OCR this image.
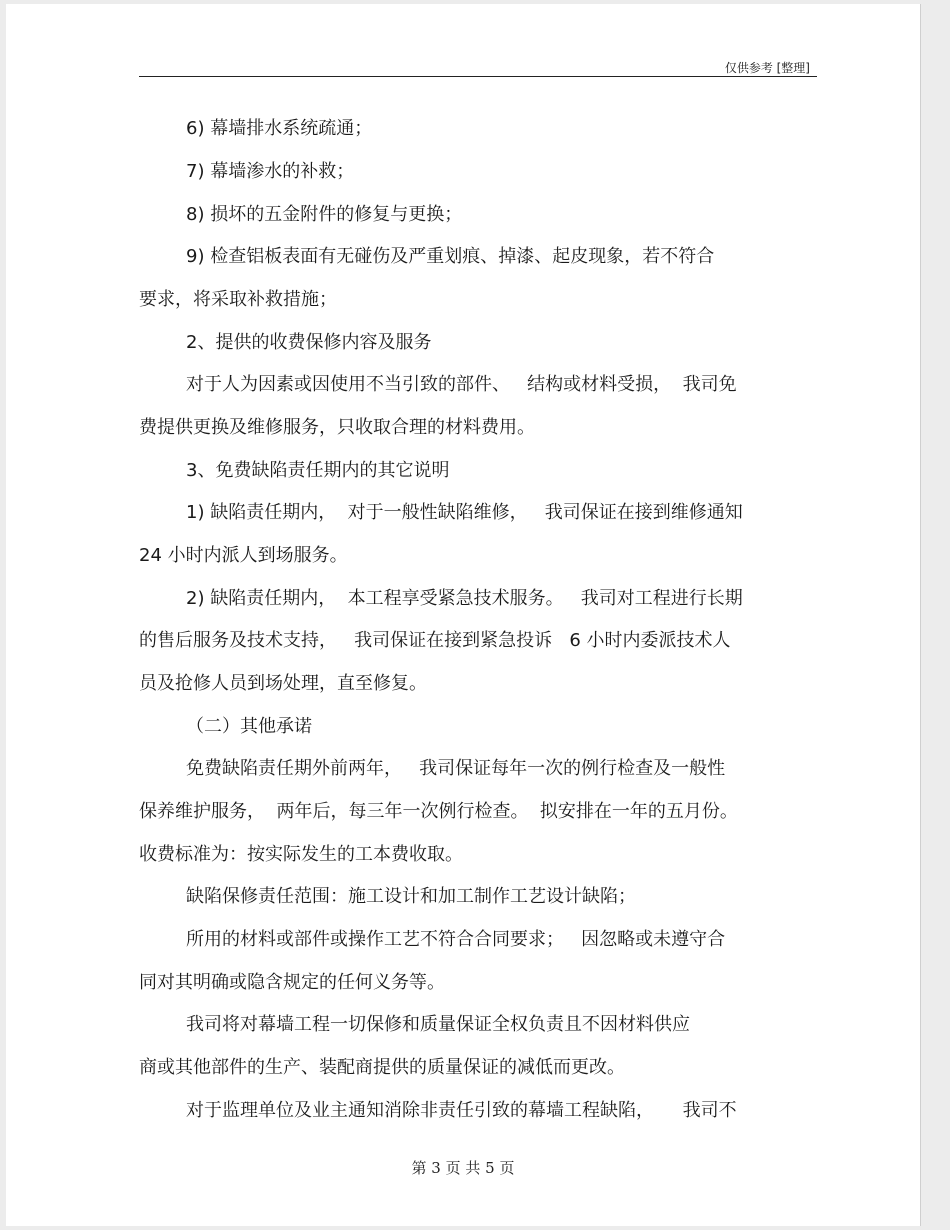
仅供参考 [整理]
6) 幕墙排水系统疏通；
7) 幕墙渗水的补救；
8) 损坏的五金附件的修复与更换；
9) 检查铝板表面有无碰伤及严重划痕、掉漆、起皮现象，若不符合
要求，将采取补救措施；
2、提供的收费保修内容及服务
对于人为因素或因使用不当引致的部件、   结构或材料受损，  我司免
费提供更换及维修服务，只收取合理的材料费用。
3、免费缺陷责任期内的其它说明
1) 缺陷责任期内，  对于一般性缺陷维修，   我司保证在接到维修通知
24 小时内派人到场服务。
2) 缺陷责任期内，  本工程享受紧急技术服务。   我司对工程进行长期
的售后服务及技术支持，   我司保证在接到紧急投诉   6 小时内委派技术人
员及抢修人员到场处理，直至修复。
（二）其他承诺
免费缺陷责任期外前两年，   我司保证每年一次的例行检查及一般性
保养维护服务，  两年后，每三年一次例行检查。  拟安排在一年的五月份。
收费标准为：按实际发生的工本费收取。
缺陷保修责任范围：施工设计和加工制作工艺设计缺陷；
所用的材料或部件或操作工艺不符合合同要求；   因忽略或未遵守合
同对其明确或隐含规定的任何义务等。
我司将对幕墙工程一切保修和质量保证全权负责且不因材料供应
商或其他部件的生产、装配商提供的质量保证的减低而更改。
对于监理单位及业主通知消除非责任引致的幕墙工程缺陷，     我司不
第 3 页 共 5 页
